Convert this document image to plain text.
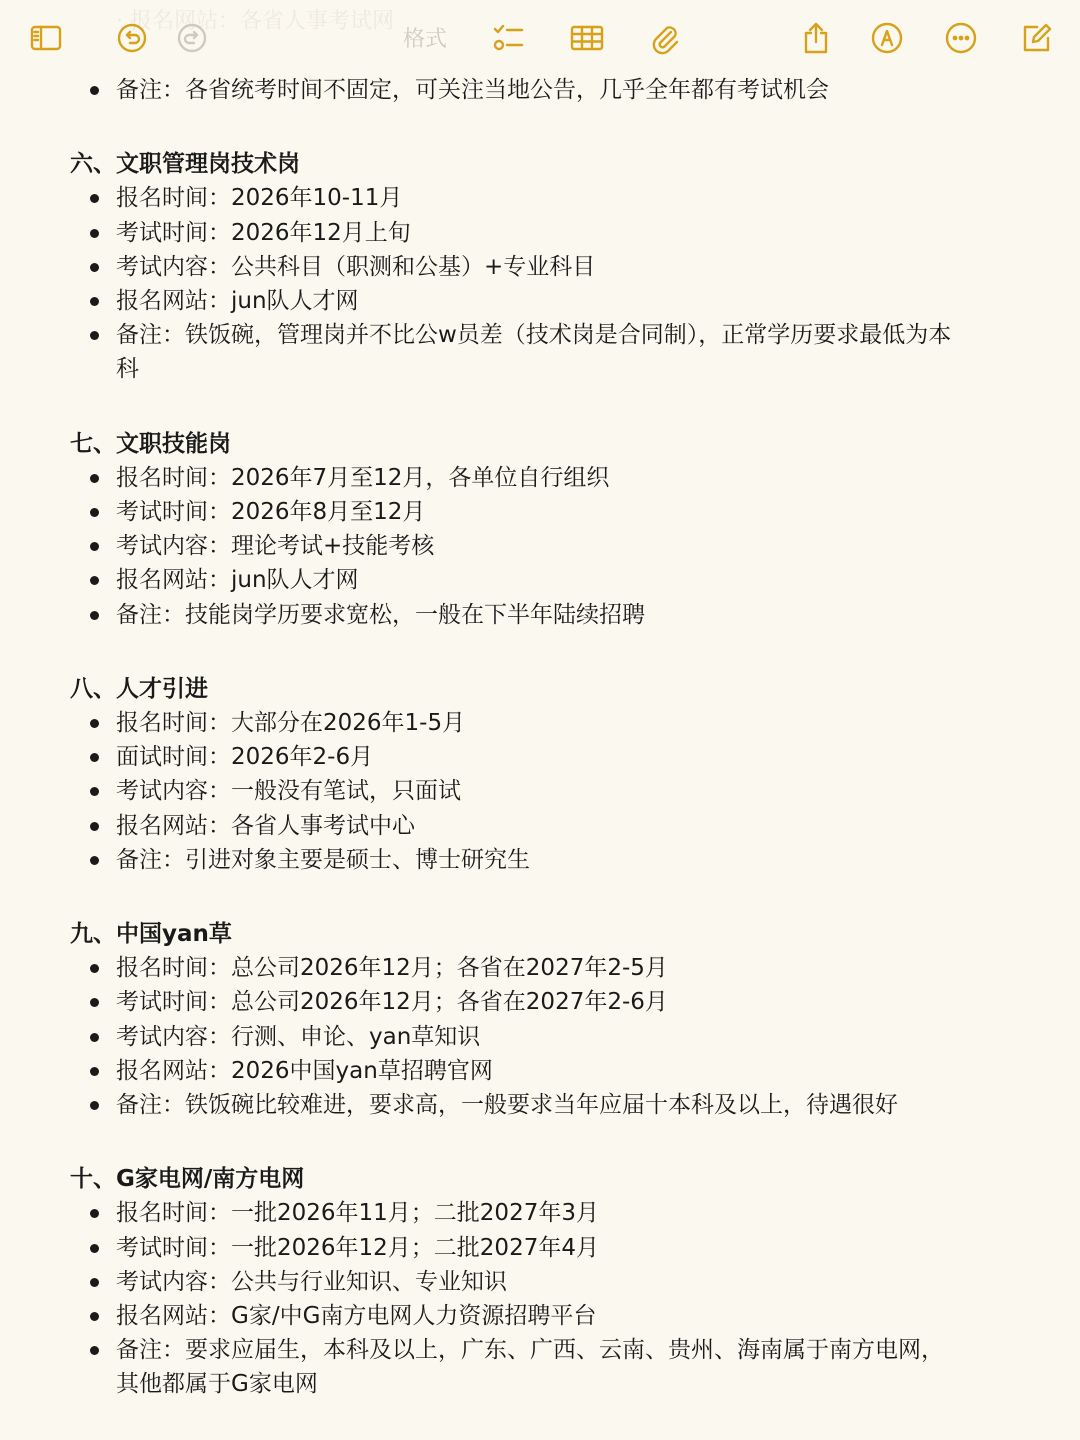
· 报名网站：各省人事考试网
格式
备注：各省统考时间不固定，可关注当地公告，几乎全年都有考试机会
六、文职管理岗技术岗
报名时间：2026年10-11月
考试时间：2026年12月上旬
考试内容：公共科目（职测和公基）+专业科目
报名网站：jun队人才网
备注：铁饭碗，管理岗并不比公w员差（技术岗是合同制），正常学历要求最低为本
科
七、文职技能岗
报名时间：2026年7月至12月，各单位自行组织
考试时间：2026年8月至12月
考试内容：理论考试+技能考核
报名网站：jun队人才网
备注：技能岗学历要求宽松，一般在下半年陆续招聘
八、人才引进
报名时间：大部分在2026年1-5月
面试时间：2026年2-6月
考试内容：一般没有笔试，只面试
报名网站：各省人事考试中心
备注：引进对象主要是硕士、博士研究生
九、中国yan草
报名时间：总公司2026年12月；各省在2027年2-5月
考试时间：总公司2026年12月；各省在2027年2-6月
考试内容：行测、申论、yan草知识
报名网站：2026中国yan草招聘官网
备注：铁饭碗比较难进，要求高，一般要求当年应届十本科及以上，待遇很好
十、G家电网/南方电网
报名时间：一批2026年11月；二批2027年3月
考试时间：一批2026年12月；二批2027年4月
考试内容：公共与行业知识、专业知识
报名网站：G家/中G南方电网人力资源招聘平台
备注：要求应届生，本科及以上，广东、广西、云南、贵州、海南属于南方电网，
其他都属于G家电网
